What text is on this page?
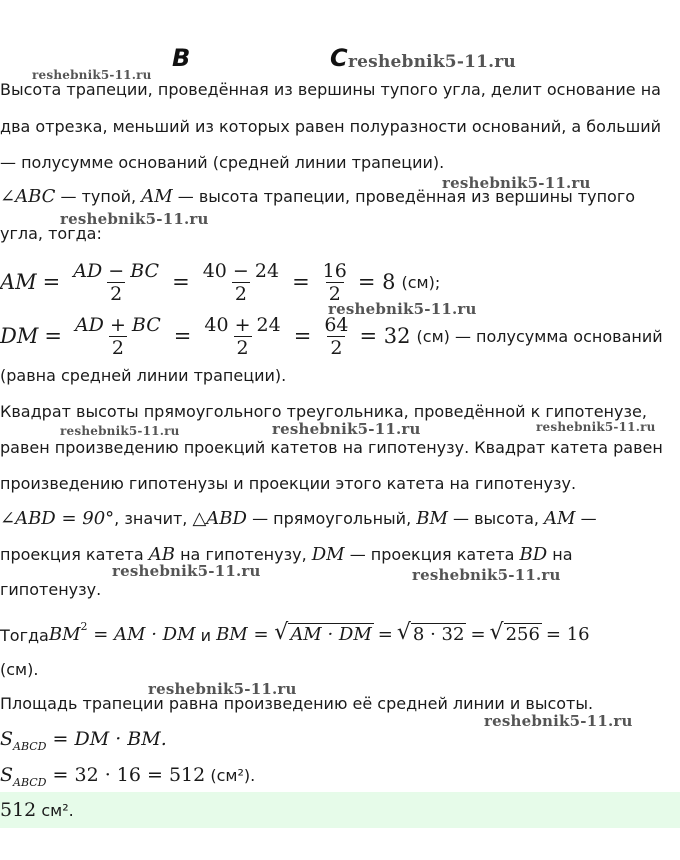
B	C reshebnik5-11.ru
reshebnik5-11.ru
Высота трапеции, проведённая из вершины тупого угла, делит основание на
два отрезка, меньший из которых равен полуразности оснований, а больший
— полусумме оснований (средней линии трапеции).
reshebnik5-11.ru
∠ABC — тупой, AM — высота трапеции, проведённая из вершины тупого
reshebnik5-11.ru
угла, тогда:
AM = $\frac{AD - BC}{2} = \frac{40 - 24}{2} = \frac{16}{2} = 8$ (см);
reshebnik5-11.ru
DM = $\frac{AD + BC}{2} = \frac{40 + 24}{2} = \frac{64}{2} = 32$ (см) — полусумма оснований
(равна средней линии трапеции).
Квадрат высоты прямоугольного треугольника, проведённой к гипотенузе,
reshebnik5-11.ru	reshebnik5-11.ru	reshebnik5-11.ru
равен произведению проекций катетов на гипотенузу. Квадрат катета равен
произведению гипотенузы и проекции этого катета на гипотенузу.
∠ABD = 90°, значит, △ABD — прямоугольный, BM — высота, AM —
проекция катета AB на гипотенузу, DM — проекция катета BD на
reshebnik5-11.ru	reshebnik5-11.ru
гипотенузу.
Тогда $BM^2$ = AM · DM и BM = √ AM · DM = √ 8 · 32 = √ 256 = 16
(см).
reshebnik5-11.ru
Площадь трапеции равна произведению её средней линии и высоты.
reshebnik5-11.ru
$S_{ABCD}$ = DM · BM.
$S_{ABCD} = 32 \cdot 16 = 512$ (см²).
512 см².
